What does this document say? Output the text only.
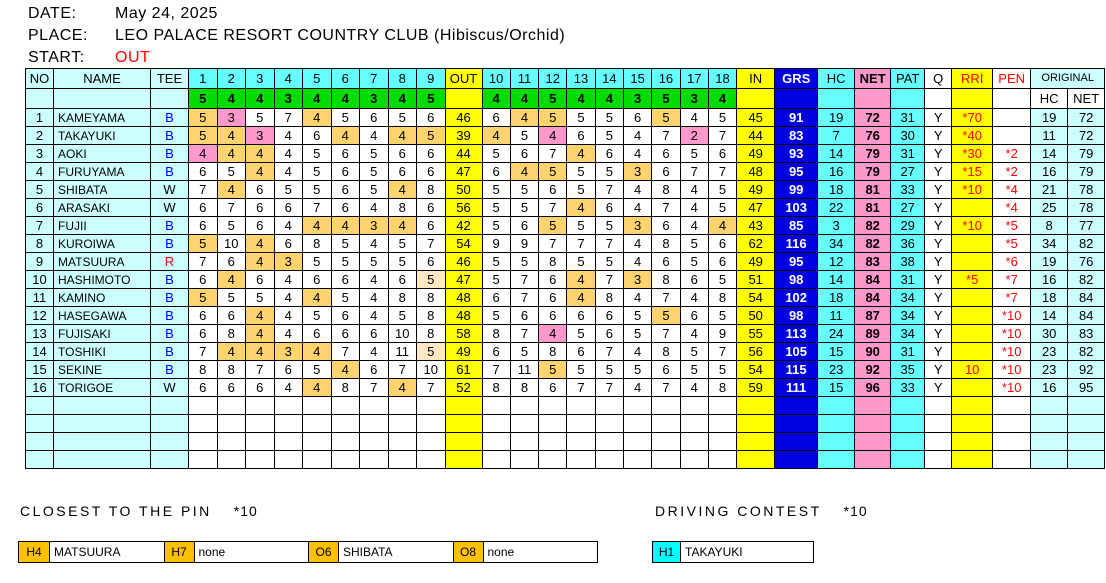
DATE: May 24, 2025
PLACE: LEO PALACE RESORT COUNTRY CLUB (Hibiscus/Orchid)
START: OUT
NO	NAME	TEE	1	2	3	4	5	6	7	8	9	OUT	10	11	12	13	14	15	16	17	18	IN	GRS	HC	NET	PAT	Q	RRI	PEN	ORIGINAL	
			5	4	4	3	4	4	3	4	5		4	4	5	4	4	3	5	3	4									HC	NET
1	KAMEYAMA	B	5	3	5	7	4	5	6	5	6	46	6	4	5	5	5	6	5	4	5	45	91	19	72	31	Y	*70		19	72
2	TAKAYUKI	B	5	4	3	4	6	4	4	4	5	39	4	5	4	6	5	4	7	2	7	44	83	7	76	30	Y	*40		11	72
3	AOKI	B	4	4	4	4	5	6	5	6	6	44	5	6	7	4	6	4	6	5	6	49	93	14	79	31	Y	*30	*2	14	79
4	FURUYAMA	B	6	5	4	4	5	6	5	6	6	47	6	4	5	5	5	3	6	7	7	48	95	16	79	27	Y	*15	*2	16	79
5	SHIBATA	W	7	4	6	5	5	6	5	4	8	50	5	5	6	5	7	4	8	4	5	49	99	18	81	33	Y	*10	*4	21	78
6	ARASAKI	W	6	7	6	6	7	6	4	8	6	56	5	5	7	4	6	4	7	4	5	47	103	22	81	27	Y		*4	25	78
7	FUJII	B	6	5	6	4	4	4	3	4	6	42	5	6	5	5	5	3	6	4	4	43	85	3	82	29	Y	*10	*5	8	77
8	KUROIWA	B	5	10	4	6	8	5	4	5	7	54	9	9	7	7	7	4	8	5	6	62	116	34	82	36	Y		*5	34	82
9	MATSUURA	R	7	6	4	3	5	5	5	5	6	46	5	5	8	5	5	4	6	5	6	49	95	12	83	38	Y		*6	19	76
10	HASHIMOTO	B	6	4	6	4	6	6	4	6	5	47	5	7	6	4	7	3	8	6	5	51	98	14	84	31	Y	*5	*7	16	82
11	KAMINO	B	5	5	5	4	4	5	4	8	8	48	6	7	6	4	8	4	7	4	8	54	102	18	84	34	Y		*7	18	84
12	HASEGAWA	B	6	6	4	4	5	6	4	5	8	48	5	6	6	6	6	5	5	6	5	50	98	11	87	34	Y		*10	14	84
13	FUJISAKI	B	6	8	4	4	6	6	6	10	8	58	8	7	4	5	6	5	7	4	9	55	113	24	89	34	Y		*10	30	83
14	TOSHIKI	B	7	4	4	3	4	7	4	11	5	49	6	5	8	6	7	4	8	5	7	56	105	15	90	31	Y		*10	23	82
15	SEKINE	B	8	8	7	6	5	4	6	7	10	61	7	11	5	5	5	5	6	5	5	54	115	23	92	35	Y	10	*10	23	92
16	TORIGOE	W	6	6	6	4	4	8	7	4	7	52	8	8	6	7	7	4	7	4	8	59	111	15	96	33	Y		*10	16	95

CLOSEST TO THE PIN *10	DRIVING CONTEST *10
H4	MATSUURA	H7 none	O6 SHIBATA	O8 none	H1 TAKAYUKI
